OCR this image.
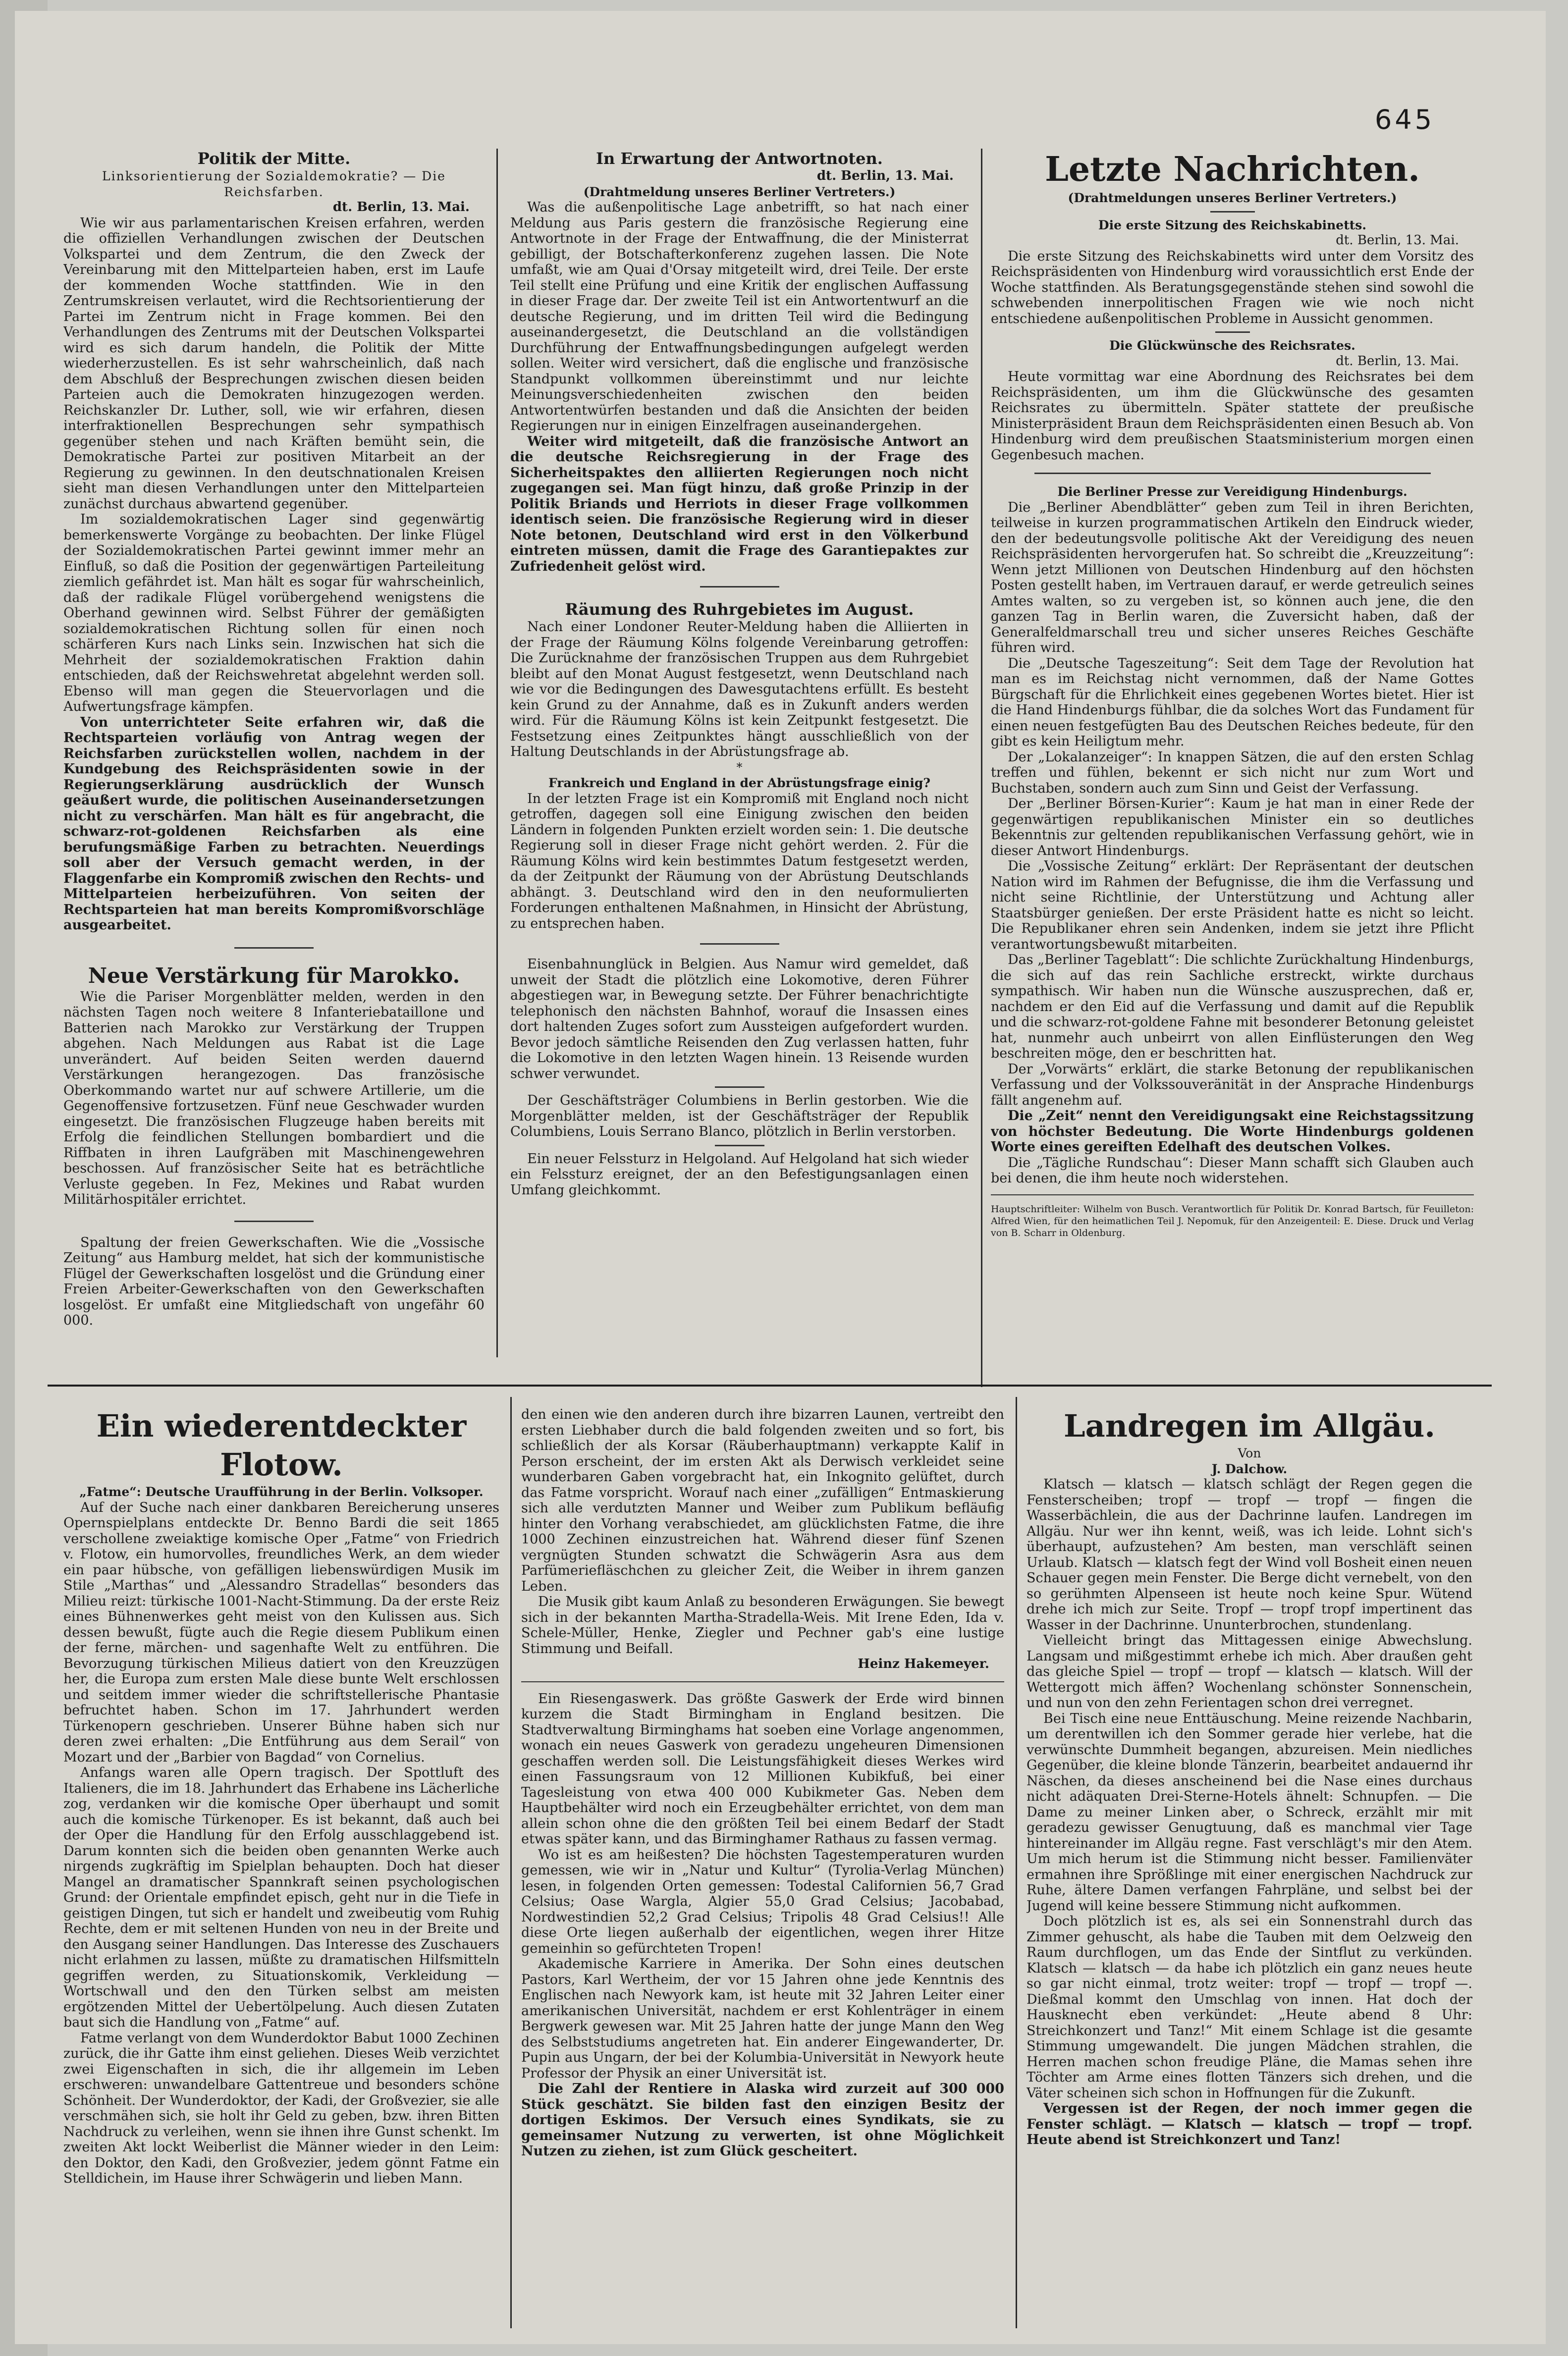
645

Politik der Mitte.

Linksorientierung der Sozialdemokratie? — Die Reichsfarben.

dt. Berlin, 13. Mai.

Wie wir aus parlamentarischen Kreisen erfahren, werden die offiziellen Verhandlungen zwischen der Deutschen Volkspartei und dem Zentrum, die den Zweck der Vereinbarung mit den Mittelparteien haben, erst im Laufe der kommenden Woche stattfinden. Wie in den Zentrumskreisen verlautet, wird die Rechtsorientierung der Partei im Zentrum nicht in Frage kommen. Bei den Verhandlungen des Zentrums mit der Deutschen Volkspartei wird es sich darum handeln, die Politik der Mitte wiederherzustellen. Es ist sehr wahrscheinlich, daß nach dem Abschluß der Besprechungen zwischen diesen beiden Parteien auch die Demokraten hinzugezogen werden. Reichskanzler Dr. Luther, soll, wie wir erfahren, diesen interfraktionellen Besprechungen sehr sympathisch gegenüber stehen und nach Kräften bemüht sein, die Demokratische Partei zur positiven Mitarbeit an der Regierung zu gewinnen. In den deutschnationalen Kreisen sieht man diesen Verhandlungen unter den Mittelparteien zunächst durchaus abwartend gegenüber.

Im sozialdemokratischen Lager sind gegenwärtig bemerkenswerte Vorgänge zu beobachten. Der linke Flügel der Sozialdemokratischen Partei gewinnt immer mehr an Einfluß, so daß die Position der gegenwärtigen Parteileitung ziemlich gefährdet ist. Man hält es sogar für wahrscheinlich, daß der radikale Flügel vorübergehend wenigstens die Oberhand gewinnen wird. Selbst Führer der gemäßigten sozialdemokratischen Richtung sollen für einen noch schärferen Kurs nach Links sein. Inzwischen hat sich die Mehrheit der sozialdemokratischen Fraktion dahin entschieden, daß der Reichswehretat abgelehnt werden soll. Ebenso will man gegen die Steuervorlagen und die Aufwertungsfrage kämpfen.

Von unterrichteter Seite erfahren wir, daß die Rechtsparteien vorläufig von Antrag wegen der Reichsfarben zurückstellen wollen, nachdem in der Kundgebung des Reichspräsidenten sowie in der Regierungserklärung ausdrücklich der Wunsch geäußert wurde, die politischen Auseinandersetzungen nicht zu verschärfen. Man hält es für angebracht, die schwarz-rot-goldenen Reichsfarben als eine berufungsmäßige Farben zu betrachten. Neuerdings soll aber der Versuch gemacht werden, in der Flaggenfarbe ein Kompromiß zwischen den Rechts- und Mittelparteien herbeizuführen. Von seiten der Rechtsparteien hat man bereits Kompromißvorschläge ausgearbeitet.

Neue Verstärkung für Marokko.

Wie die Pariser Morgenblätter melden, werden in den nächsten Tagen noch weitere 8 Infanteriebataillone und Batterien nach Marokko zur Verstärkung der Truppen abgehen. Nach Meldungen aus Rabat ist die Lage unverändert. Auf beiden Seiten werden dauernd Verstärkungen herangezogen. Das französische Oberkommando wartet nur auf schwere Artillerie, um die Gegenoffensive fortzusetzen. Fünf neue Geschwader wurden eingesetzt. Die französischen Flugzeuge haben bereits mit Erfolg die feindlichen Stellungen bombardiert und die Riffbaten in ihren Laufgräben mit Maschinengewehren beschossen. Auf französischer Seite hat es beträchtliche Verluste gegeben. In Fez, Mekines und Rabat wurden Militärhospitäler errichtet.

Spaltung der freien Gewerkschaften. Wie die „Vossische Zeitung“ aus Hamburg meldet, hat sich der kommunistische Flügel der Gewerkschaften losgelöst und die Gründung einer Freien Arbeiter-Gewerkschaften von den Gewerkschaften losgelöst. Er umfaßt eine Mitgliedschaft von ungefähr 60 000.

In Erwartung der Antwortnoten.

dt. Berlin, 13. Mai.

(Drahtmeldung unseres Berliner Vertreters.)

Was die außenpolitische Lage anbetrifft, so hat nach einer Meldung aus Paris gestern die französische Regierung eine Antwortnote in der Frage der Entwaffnung, die der Ministerrat gebilligt, der Botschafterkonferenz zugehen lassen. Die Note umfaßt, wie am Quai d'Orsay mitgeteilt wird, drei Teile. Der erste Teil stellt eine Prüfung und eine Kritik der englischen Auffassung in dieser Frage dar. Der zweite Teil ist ein Antwortentwurf an die deutsche Regierung, und im dritten Teil wird die Bedingung auseinandergesetzt, die Deutschland an die vollständigen Durchführung der Entwaffnungsbedingungen aufgelegt werden sollen. Weiter wird versichert, daß die englische und französische Standpunkt vollkommen übereinstimmt und nur leichte Meinungsverschiedenheiten zwischen den beiden Antwortentwürfen bestanden und daß die Ansichten der beiden Regierungen nur in einigen Einzelfragen auseinandergehen.

Weiter wird mitgeteilt, daß die französische Antwort an die deutsche Reichsregierung in der Frage des Sicherheitspaktes den alliierten Regierungen noch nicht zugegangen sei. Man fügt hinzu, daß große Prinzip in der Politik Briands und Herriots in dieser Frage vollkommen identisch seien. Die französische Regierung wird in dieser Note betonen, Deutschland wird erst in den Völkerbund eintreten müssen, damit die Frage des Garantiepaktes zur Zufriedenheit gelöst wird.

Räumung des Ruhrgebietes im August.

Nach einer Londoner Reuter-Meldung haben die Alliierten in der Frage der Räumung Kölns folgende Vereinbarung getroffen: Die Zurücknahme der französischen Truppen aus dem Ruhrgebiet bleibt auf den Monat August festgesetzt, wenn Deutschland nach wie vor die Bedingungen des Dawesgutachtens erfüllt. Es besteht kein Grund zu der Annahme, daß es in Zukunft anders werden wird. Für die Räumung Kölns ist kein Zeitpunkt festgesetzt. Die Festsetzung eines Zeitpunktes hängt ausschließlich von der Haltung Deutschlands in der Abrüstungsfrage ab.

*

Frankreich und England in der Abrüstungsfrage einig?

In der letzten Frage ist ein Kompromiß mit England noch nicht getroffen, dagegen soll eine Einigung zwischen den beiden Ländern in folgenden Punkten erzielt worden sein: 1. Die deutsche Regierung soll in dieser Frage nicht gehört werden. 2. Für die Räumung Kölns wird kein bestimmtes Datum festgesetzt werden, da der Zeitpunkt der Räumung von der Abrüstung Deutschlands abhängt. 3. Deutschland wird den in den neuformulierten Forderungen enthaltenen Maßnahmen, in Hinsicht der Abrüstung, zu entsprechen haben.

Eisenbahnunglück in Belgien. Aus Namur wird gemeldet, daß unweit der Stadt die plötzlich eine Lokomotive, deren Führer abgestiegen war, in Bewegung setzte. Der Führer benachrichtigte telephonisch den nächsten Bahnhof, worauf die Insassen eines dort haltenden Zuges sofort zum Aussteigen aufgefordert wurden. Bevor jedoch sämtliche Reisenden den Zug verlassen hatten, fuhr die Lokomotive in den letzten Wagen hinein. 13 Reisende wurden schwer verwundet.

Der Geschäftsträger Columbiens in Berlin gestorben. Wie die Morgenblätter melden, ist der Geschäftsträger der Republik Columbiens, Louis Serrano Blanco, plötzlich in Berlin verstorben.

Ein neuer Felssturz in Helgoland. Auf Helgoland hat sich wieder ein Felssturz ereignet, der an den Befestigungsanlagen einen Umfang gleichkommt.

Letzte Nachrichten.

(Drahtmeldungen unseres Berliner Vertreters.)

Die erste Sitzung des Reichskabinetts.

dt. Berlin, 13. Mai.

Die erste Sitzung des Reichskabinetts wird unter dem Vorsitz des Reichspräsidenten von Hindenburg wird voraussichtlich erst Ende der Woche stattfinden. Als Beratungsgegenstände stehen sind sowohl die schwebenden innerpolitischen Fragen wie wie noch nicht entschiedene außenpolitischen Probleme in Aussicht genommen.

Die Glückwünsche des Reichsrates.

dt. Berlin, 13. Mai.

Heute vormittag war eine Abordnung des Reichsrates bei dem Reichspräsidenten, um ihm die Glückwünsche des gesamten Reichsrates zu übermitteln. Später stattete der preußische Ministerpräsident Braun dem Reichspräsidenten einen Besuch ab. Von Hindenburg wird dem preußischen Staatsministerium morgen einen Gegenbesuch machen.

Die Berliner Presse zur Vereidigung Hindenburgs.

Die „Berliner Abendblätter“ geben zum Teil in ihren Berichten, teilweise in kurzen programmatischen Artikeln den Eindruck wieder, den der bedeutungsvolle politische Akt der Vereidigung des neuen Reichspräsidenten hervorgerufen hat. So schreibt die „Kreuzzeitung“: Wenn jetzt Millionen von Deutschen Hindenburg auf den höchsten Posten gestellt haben, im Vertrauen darauf, er werde getreulich seines Amtes walten, so zu vergeben ist, so können auch jene, die den ganzen Tag in Berlin waren, die Zuversicht haben, daß der Generalfeldmarschall treu und sicher unseres Reiches Geschäfte führen wird.

Die „Deutsche Tageszeitung“: Seit dem Tage der Revolution hat man es im Reichstag nicht vernommen, daß der Name Gottes Bürgschaft für die Ehrlichkeit eines gegebenen Wortes bietet. Hier ist die Hand Hindenburgs fühlbar, die da solches Wort das Fundament für einen neuen festgefügten Bau des Deutschen Reiches bedeute, für den gibt es kein Heiligtum mehr.

Der „Lokalanzeiger“: In knappen Sätzen, die auf den ersten Schlag treffen und fühlen, bekennt er sich nicht nur zum Wort und Buchstaben, sondern auch zum Sinn und Geist der Verfassung.

Der „Berliner Börsen-Kurier“: Kaum je hat man in einer Rede der gegenwärtigen republikanischen Minister ein so deutliches Bekenntnis zur geltenden republikanischen Verfassung gehört, wie in dieser Antwort Hindenburgs.

Die „Vossische Zeitung“ erklärt: Der Repräsentant der deutschen Nation wird im Rahmen der Befugnisse, die ihm die Verfassung und nicht seine Richtlinie, der Unterstützung und Achtung aller Staatsbürger genießen. Der erste Präsident hatte es nicht so leicht. Die Republikaner ehren sein Andenken, indem sie jetzt ihre Pflicht verantwortungsbewußt mitarbeiten.

Das „Berliner Tageblatt“: Die schlichte Zurückhaltung Hindenburgs, die sich auf das rein Sachliche erstreckt, wirkte durchaus sympathisch. Wir haben nun die Wünsche auszusprechen, daß er, nachdem er den Eid auf die Verfassung und damit auf die Republik und die schwarz-rot-goldene Fahne mit besonderer Betonung geleistet hat, nunmehr auch unbeirrt von allen Einflüsterungen den Weg beschreiten möge, den er beschritten hat.

Der „Vorwärts“ erklärt, die starke Betonung der republikanischen Verfassung und der Volkssouveränität in der Ansprache Hindenburgs fällt angenehm auf.

Die „Zeit“ nennt den Vereidigungsakt eine Reichstagssitzung von höchster Bedeutung. Die Worte Hindenburgs goldenen Worte eines gereiften Edelhaft des deutschen Volkes.

Die „Tägliche Rundschau“: Dieser Mann schafft sich Glauben auch bei denen, die ihm heute noch widerstehen.

Hauptschriftleiter: Wilhelm von Busch. Verantwortlich für Politik Dr. Konrad Bartsch, für Feuilleton: Alfred Wien, für den heimatlichen Teil J. Nepomuk, für den Anzeigenteil: E. Diese. Druck und Verlag von B. Scharr in Oldenburg.

Ein wiederentdeckter Flotow.

„Fatme“: Deutsche Uraufführung in der Berlin. Volksoper.

Auf der Suche nach einer dankbaren Bereicherung unseres Opernspielplans entdeckte Dr. Benno Bardi die seit 1865 verschollene zweiaktige komische Oper „Fatme“ von Friedrich v. Flotow, ein humorvolles, freundliches Werk, an dem wieder ein paar hübsche, von gefälligen liebenswürdigen Musik im Stile „Marthas“ und „Alessandro Stradellas“ besonders das Milieu reizt: türkische 1001-Nacht-Stimmung. Da der erste Reiz eines Bühnenwerkes geht meist von den Kulissen aus. Sich dessen bewußt, fügte auch die Regie diesem Publikum einen der ferne, märchen- und sagenhafte Welt zu entführen. Die Bevorzugung türkischen Milieus datiert von den Kreuzzügen her, die Europa zum ersten Male diese bunte Welt erschlossen und seitdem immer wieder die schriftstellerische Phantasie befruchtet haben. Schon im 17. Jahrhundert werden Türkenopern geschrieben. Unserer Bühne haben sich nur deren zwei erhalten: „Die Entführung aus dem Serail“ von Mozart und der „Barbier von Bagdad“ von Cornelius.

Anfangs waren alle Opern tragisch. Der Spottluft des Italieners, die im 18. Jahrhundert das Erhabene ins Lächerliche zog, verdanken wir die komische Oper überhaupt und somit auch die komische Türkenoper. Es ist bekannt, daß auch bei der Oper die Handlung für den Erfolg ausschlaggebend ist. Darum konnten sich die beiden oben genannten Werke auch nirgends zugkräftig im Spielplan behaupten. Doch hat dieser Mangel an dramatischer Spannkraft seinen psychologischen Grund: der Orientale empfindet episch, geht nur in die Tiefe in geistigen Dingen, tut sich er handelt und zweibeutig vom Ruhig Rechte, dem er mit seltenen Hunden von neu in der Breite und den Ausgang seiner Handlungen. Das Interesse des Zuschauers nicht erlahmen zu lassen, müßte zu dramatischen Hilfsmitteln gegriffen werden, zu Situationskomik, Verkleidung — Wortschwall und den den Türken selbst am meisten ergötzenden Mittel der Uebertölpelung. Auch diesen Zutaten baut sich die Handlung von „Fatme“ auf.

Fatme verlangt von dem Wunderdoktor Babut 1000 Zechinen zurück, die ihr Gatte ihm einst geliehen. Dieses Weib verzichtet zwei Eigenschaften in sich, die ihr allgemein im Leben erschweren: unwandelbare Gattentreue und besonders schöne Schönheit. Der Wunderdoktor, der Kadi, der Großvezier, sie alle verschmähen sich, sie holt ihr Geld zu geben, bzw. ihren Bitten Nachdruck zu verleihen, wenn sie ihnen ihre Gunst schenkt. Im zweiten Akt lockt Weiberlist die Männer wieder in den Leim: den Doktor, den Kadi, den Großvezier, jedem gönnt Fatme ein Stelldichein, im Hause ihrer Schwägerin und lieben Mann.

den einen wie den anderen durch ihre bizarren Launen, vertreibt den ersten Liebhaber durch die bald folgenden zweiten und so fort, bis schließlich der als Korsar (Räuberhauptmann) verkappte Kalif in Person erscheint, der im ersten Akt als Derwisch verkleidet seine wunderbaren Gaben vorgebracht hat, ein Inkognito gelüftet, durch das Fatme vorspricht. Worauf nach einer „zufälligen“ Entmaskierung sich alle verdutzten Manner und Weiber zum Publikum befläufig hinter den Vorhang verabschiedet, am glücklichsten Fatme, die ihre 1000 Zechinen einzustreichen hat. Während dieser fünf Szenen vergnügten Stunden schwatzt die Schwägerin Asra aus dem Parfümeriefläschchen zu gleicher Zeit, die Weiber in ihrem ganzen Leben.

Die Musik gibt kaum Anlaß zu besonderen Erwägungen. Sie bewegt sich in der bekannten Martha-Stradella-Weis. Mit Irene Eden, Ida v. Schele-Müller, Henke, Ziegler und Pechner gab's eine lustige Stimmung und Beifall.

Heinz Hakemeyer.

Ein Riesengaswerk. Das größte Gaswerk der Erde wird binnen kurzem die Stadt Birmingham in England besitzen. Die Stadtverwaltung Birminghams hat soeben eine Vorlage angenommen, wonach ein neues Gaswerk von geradezu ungeheuren Dimensionen geschaffen werden soll. Die Leistungsfähigkeit dieses Werkes wird einen Fassungsraum von 12 Millionen Kubikfuß, bei einer Tagesleistung von etwa 400 000 Kubikmeter Gas. Neben dem Hauptbehälter wird noch ein Erzeugbehälter errichtet, von dem man allein schon ohne die den größten Teil bei einem Bedarf der Stadt etwas später kann, und das Birminghamer Rathaus zu fassen vermag.

Wo ist es am heißesten? Die höchsten Tagestemperaturen wurden gemessen, wie wir in „Natur und Kultur“ (Tyrolia-Verlag München) lesen, in folgenden Orten gemessen: Todestal Californien 56,7 Grad Celsius; Oase Wargla, Algier 55,0 Grad Celsius; Jacobabad, Nordwestindien 52,2 Grad Celsius; Tripolis 48 Grad Celsius!! Alle diese Orte liegen außerhalb der eigentlichen, wegen ihrer Hitze gemeinhin so gefürchteten Tropen!

Akademische Karriere in Amerika. Der Sohn eines deutschen Pastors, Karl Wertheim, der vor 15 Jahren ohne jede Kenntnis des Englischen nach Newyork kam, ist heute mit 32 Jahren Leiter einer amerikanischen Universität, nachdem er erst Kohlenträger in einem Bergwerk gewesen war. Mit 25 Jahren hatte der junge Mann den Weg des Selbststudiums angetreten hat. Ein anderer Eingewanderter, Dr. Pupin aus Ungarn, der bei der Kolumbia-Universität in Newyork heute Professor der Physik an einer Universität ist.

Die Zahl der Rentiere in Alaska wird zurzeit auf 300 000 Stück geschätzt. Sie bilden fast den einzigen Besitz der dortigen Eskimos. Der Versuch eines Syndikats, sie zu gemeinsamer Nutzung zu verwerten, ist ohne Möglichkeit Nutzen zu ziehen, ist zum Glück gescheitert.

Landregen im Allgäu.

Von

J. Dalchow.

Klatsch — klatsch — klatsch schlägt der Regen gegen die Fensterscheiben; tropf — tropf — tropf — fingen die Wasserbächlein, die aus der Dachrinne laufen. Landregen im Allgäu. Nur wer ihn kennt, weiß, was ich leide. Lohnt sich's überhaupt, aufzustehen? Am besten, man verschläft seinen Urlaub. Klatsch — klatsch fegt der Wind voll Bosheit einen neuen Schauer gegen mein Fenster. Die Berge dicht vernebelt, von den so gerühmten Alpenseen ist heute noch keine Spur. Wütend drehe ich mich zur Seite. Tropf — tropf tropf impertinent das Wasser in der Dachrinne. Ununterbrochen, stundenlang.

Vielleicht bringt das Mittagessen einige Abwechslung. Langsam und mißgestimmt erhebe ich mich. Aber draußen geht das gleiche Spiel — tropf — tropf — klatsch — klatsch. Will der Wettergott mich äffen? Wochenlang schönster Sonnenschein, und nun von den zehn Ferientagen schon drei verregnet.

Bei Tisch eine neue Enttäuschung. Meine reizende Nachbarin, um derentwillen ich den Sommer gerade hier verlebe, hat die verwünschte Dummheit begangen, abzureisen. Mein niedliches Gegenüber, die kleine blonde Tänzerin, bearbeitet andauernd ihr Näschen, da dieses anscheinend bei die Nase eines durchaus nicht adäquaten Drei-Sterne-Hotels ähnelt: Schnupfen. — Die Dame zu meiner Linken aber, o Schreck, erzählt mir mit geradezu gewisser Genugtuung, daß es manchmal vier Tage hintereinander im Allgäu regne. Fast verschlägt's mir den Atem. Um mich herum ist die Stimmung nicht besser. Familienväter ermahnen ihre Sprößlinge mit einer energischen Nachdruck zur Ruhe, ältere Damen verfangen Fahrpläne, und selbst bei der Jugend will keine bessere Stimmung nicht aufkommen.

Doch plötzlich ist es, als sei ein Sonnenstrahl durch das Zimmer gehuscht, als habe die Tauben mit dem Oelzweig den Raum durchflogen, um das Ende der Sintflut zu verkünden. Klatsch — klatsch — da habe ich plötzlich ein ganz neues heute so gar nicht einmal, trotz weiter: tropf — tropf — tropf —. Dießmal kommt den Umschlag von innen. Hat doch der Hausknecht eben verkündet: „Heute abend 8 Uhr: Streichkonzert und Tanz!“ Mit einem Schlage ist die gesamte Stimmung umgewandelt. Die jungen Mädchen strahlen, die Herren machen schon freudige Pläne, die Mamas sehen ihre Töchter am Arme eines flotten Tänzers sich drehen, und die Väter scheinen sich schon in Hoffnungen für die Zukunft.

Vergessen ist der Regen, der noch immer gegen die Fenster schlägt. — Klatsch — klatsch — tropf — tropf. Heute abend ist Streichkonzert und Tanz!
